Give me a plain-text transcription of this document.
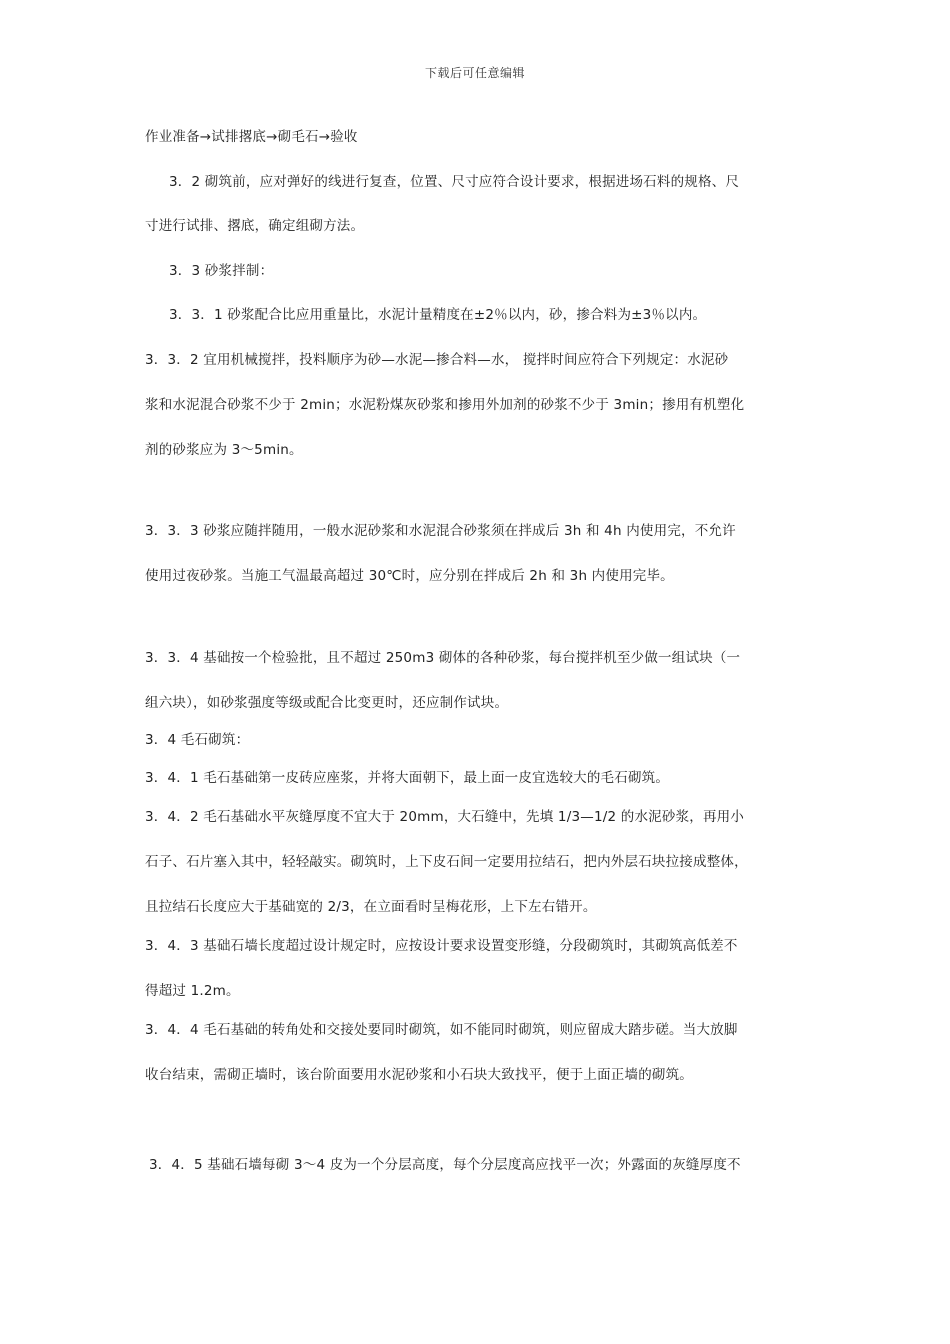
下载后可任意编辑
作业准备→试排撂底→砌毛石→验收
3．2 砌筑前，应对弹好的线进行复查，位置、尺寸应符合设计要求，根据进场石料的规格、尺
寸进行试排、撂底，确定组砌方法。
3．3 砂浆拌制：
3．3．1 砂浆配合比应用重量比，水泥计量精度在±2％以内，砂，掺合料为±3％以内。
3．3．2 宜用机械搅拌，投料顺序为砂—水泥—掺合料—水， 搅拌时间应符合下列规定：水泥砂
浆和水泥混合砂浆不少于 2min；水泥粉煤灰砂浆和掺用外加剂的砂浆不少于 3min；掺用有机塑化
剂的砂浆应为 3～5min。
3．3．3 砂浆应随拌随用，一般水泥砂浆和水泥混合砂浆须在拌成后 3h 和 4h 内使用完，不允许
使用过夜砂浆。当施工气温最高超过 30℃时，应分别在拌成后 2h 和 3h 内使用完毕。
3．3．4 基础按一个检验批，且不超过 250m3 砌体的各种砂浆，每台搅拌机至少做一组试块（一
组六块），如砂浆强度等级或配合比变更时，还应制作试块。
3．4 毛石砌筑：
3．4．1 毛石基础第一皮砖应座浆，并将大面朝下，最上面一皮宜选较大的毛石砌筑。
3．4．2 毛石基础水平灰缝厚度不宜大于 20mm，大石缝中，先填 1/3—1/2 的水泥砂浆，再用小
石子、石片塞入其中，轻轻敲实。砌筑时，上下皮石间一定要用拉结石，把内外层石块拉接成整体，
且拉结石长度应大于基础宽的 2/3，在立面看时呈梅花形，上下左右错开。
3．4．3 基础石墙长度超过设计规定时，应按设计要求设置变形缝，分段砌筑时，其砌筑高低差不
得超过 1.2m。
3．4．4 毛石基础的转角处和交接处要同时砌筑，如不能同时砌筑，则应留成大踏步磋。当大放脚
收台结束，需砌正墙时，该台阶面要用水泥砂浆和小石块大致找平，便于上面正墙的砌筑。
3．4．5 基础石墙每砌 3～4 皮为一个分层高度，每个分层度高应找平一次；外露面的灰缝厚度不
